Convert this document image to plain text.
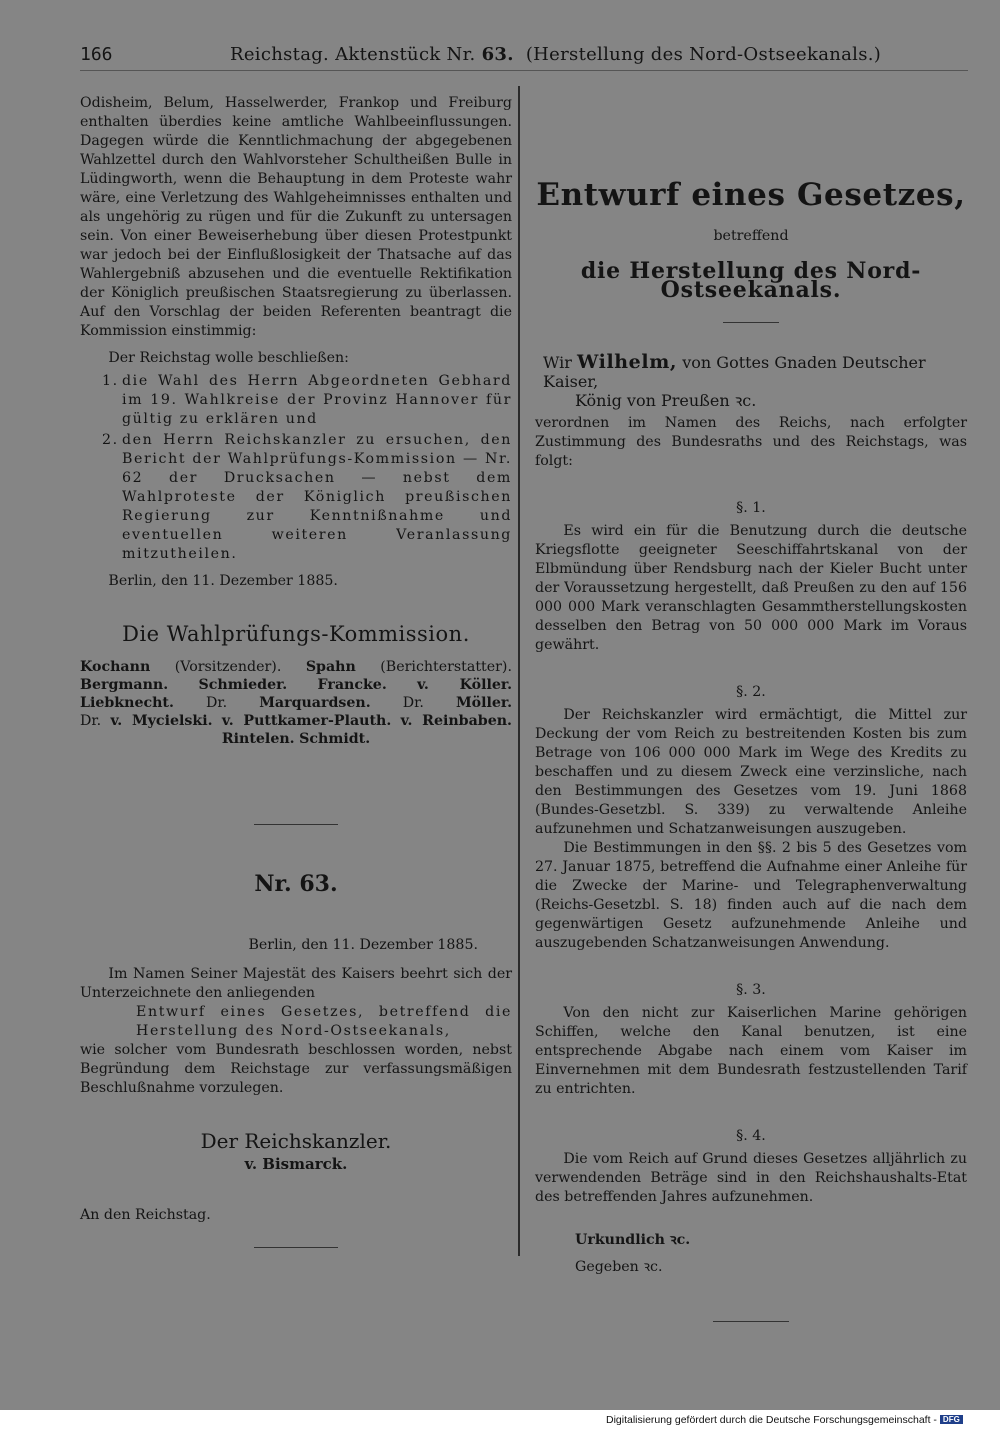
166	Reichstag. Aktenstück Nr. 63. (Herstellung des Nord-Ostseekanals.)

Odisheim, Belum, Hasselwerder, Frankop und Freiburg enthalten überdies keine amtliche Wahlbeeinflussungen. Dagegen würde die Kenntlichmachung der abgegebenen Wahlzettel durch den Wahlvorsteher Schultheißen Bulle in Lüdingworth, wenn die Behauptung in dem Proteste wahr wäre, eine Verletzung des Wahlgeheimnisses enthalten und als ungehörig zu rügen und für die Zukunft zu untersagen sein. Von einer Beweiserhebung über diesen Protestpunkt war jedoch bei der Einflußlosigkeit der Thatsache auf das Wahlergebniß abzusehen und die eventuelle Rektifikation der Königlich preußischen Staatsregierung zu überlassen. Auf den Vorschlag der beiden Referenten beantragt die Kommission einstimmig:

Der Reichstag wolle beschließen:

1. die Wahl des Herrn Abgeordneten Gebhard im 19. Wahlkreise der Provinz Hannover für gültig zu erklären und
2. den Herrn Reichskanzler zu ersuchen, den Bericht der Wahlprüfungs-Kommission — Nr. 62 der Drucksachen — nebst dem Wahlproteste der Königlich preußischen Regierung zur Kenntnißnahme und eventuellen weiteren Veranlassung mitzutheilen.

Berlin, den 11. Dezember 1885.

Die Wahlprüfungs-Kommission.
Kochann (Vorsitzender). Spahn (Berichterstatter).
Bergmann. Schmieder. Francke. v. Köller.
Liebknecht. Dr. Marquardsen. Dr. Möller.
Dr. v. Mycielski. v. Puttkamer-Plauth. v. Reinbaben.
Rintelen. Schmidt.
Nr. 63.
Berlin, den 11. Dezember 1885.

Im Namen Seiner Majestät des Kaisers beehrt sich der Unterzeichnete den anliegenden

Entwurf eines Gesetzes, betreffend die Herstellung des Nord-Ostseekanals,

wie solcher vom Bundesrath beschlossen worden, nebst Begründung dem Reichstage zur verfassungsmäßigen Beschlußnahme vorzulegen.

Der Reichskanzler.
v. Bismarck.

An den Reichstag.

Entwurf eines Gesetzes,
betreffend
die Herstellung des Nord-Ostseekanals.
Wir Wilhelm, von Gottes Gnaden Deutscher Kaiser,
König von Preußen ꝛc.

verordnen im Namen des Reichs, nach erfolgter Zustimmung des Bundesraths und des Reichstags, was folgt:

§. 1.

Es wird ein für die Benutzung durch die deutsche Kriegsflotte geeigneter Seeschiffahrtskanal von der Elbmündung über Rendsburg nach der Kieler Bucht unter der Voraussetzung hergestellt, daß Preußen zu den auf 156 000 000 Mark veranschlagten Gesammtherstellungskosten desselben den Betrag von 50 000 000 Mark im Voraus gewährt.

§. 2.

Der Reichskanzler wird ermächtigt, die Mittel zur Deckung der vom Reich zu bestreitenden Kosten bis zum Betrage von 106 000 000 Mark im Wege des Kredits zu beschaffen und zu diesem Zweck eine verzinsliche, nach den Bestimmungen des Gesetzes vom 19. Juni 1868 (Bundes-Gesetzbl. S. 339) zu verwaltende Anleihe aufzunehmen und Schatzanweisungen auszugeben.

Die Bestimmungen in den §§. 2 bis 5 des Gesetzes vom 27. Januar 1875, betreffend die Aufnahme einer Anleihe für die Zwecke der Marine- und Telegraphenverwaltung (Reichs-Gesetzbl. S. 18) finden auch auf die nach dem gegenwärtigen Gesetz aufzunehmende Anleihe und auszugebenden Schatzanweisungen Anwendung.

§. 3.

Von den nicht zur Kaiserlichen Marine gehörigen Schiffen, welche den Kanal benutzen, ist eine entsprechende Abgabe nach einem vom Kaiser im Einvernehmen mit dem Bundesrath festzustellenden Tarif zu entrichten.

§. 4.

Die vom Reich auf Grund dieses Gesetzes alljährlich zu verwendenden Beträge sind in den Reichshaushalts-Etat des betreffenden Jahres aufzunehmen.

Urkundlich ꝛc.

Gegeben ꝛc.

Digitalisierung gefördert durch die Deutsche Forschungsgemeinschaft - DFG
